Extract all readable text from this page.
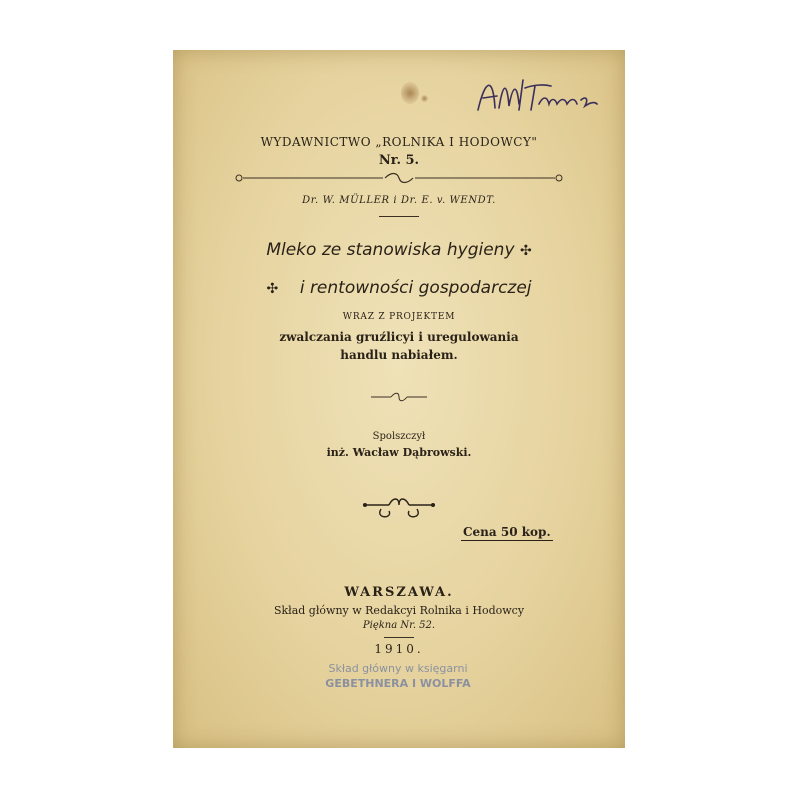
WYDAWNICTWO „ROLNIKA I HODOWCY"
Nr. 5.
Dr. W. MÜLLER i Dr. E. v. WENDT.
Mleko ze stanowiska hygieny ✣
✣ i rentowności gospodarczej
WRAZ Z PROJEKTEM
zwalczania gruźlicyi i uregulowania
handlu nabiałem.
Spolszczył
inż. Wacław Dąbrowski.
Cena 50 kop.
WARSZAWA.
Skład główny w Redakcyi Rolnika i Hodowcy
Piękna Nr. 52.
1910.
Skład główny w księgarni
GEBETHNERA I WOLFFA
